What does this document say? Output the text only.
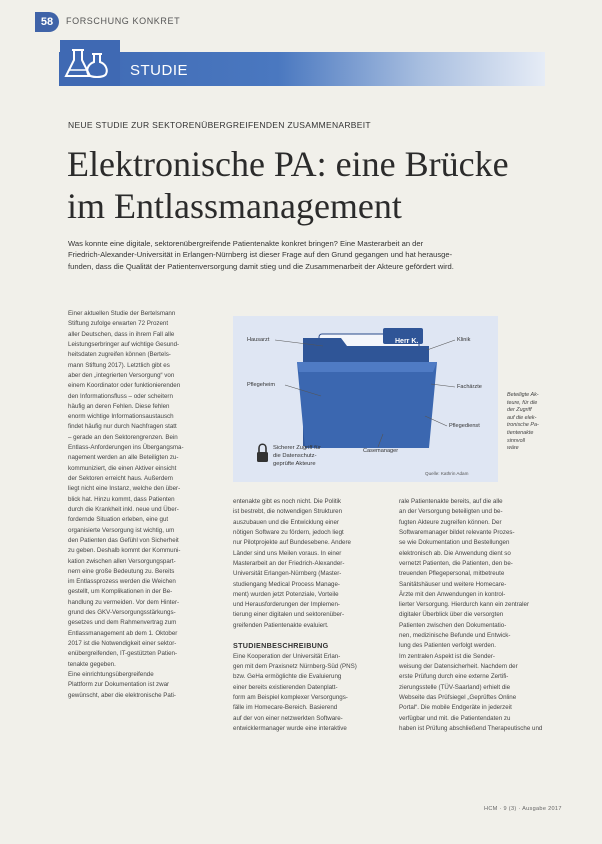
58	FORSCHUNG KONKRET
STUDIE
NEUE STUDIE ZUR SEKTORENÜBERGREIFENDEN ZUSAMMENARBEIT
Elektronische PA: eine Brücke
im Entlassmanagement
Was konnte eine digitale, sektorenübergreifende Patientenakte konkret bringen? Eine Masterarbeit an der
Friedrich-Alexander-Universität in Erlangen-Nürnberg ist dieser Frage auf den Grund gegangen und hat herausge-
funden, dass die Qualität der Patientenversorgung damit stieg und die Zusammenarbeit der Akteure gefördert wird.
Einer aktuellen Studie der Bertelsmann
Stiftung zufolge erwarten 72 Prozent
aller Deutschen, dass in ihrem Fall alle
Leistungserbringer auf wichtige Gesund-
heitsdaten zugreifen können (Bertels-
mann Stiftung 2017). Letztlich gibt es
aber den „integrierten Versorgung“ von
einem Koordinator oder funktionierenden
den Informationsfluss – oder scheitern
häufig an deren Fehlen. Diese fehlen
enorm wichtige Informationsaustausch
findet häufig nur durch Nachfragen statt
– gerade an den Sektorengrenzen. Bein
Entlass-Anforderungen ins Übergangsma-
nagement werden an alle Beteiligten zu-
kommuniziert, die einen Aktiver einsicht
der Sektoren erreicht haus. Außerdem
liegt nicht eine Instanz, welche den über-
blick hat. Hinzu kommt, dass Patienten
durch die Krankheit inkl. neue und Über-
fordernde Situation erleben, eine gut
organisierte Versorgung ist wichtig, um
den Patienten das Gefühl von Sicherheit
zu geben. Deshalb kommt der Kommuni-
kation zwischen allen Versorgungspart-
nern eine große Bedeutung zu. Bereits
im Entlassprozess werden die Weichen
gestellt, um Komplikationen in der Be-
handlung zu vermeiden. Vor dem Hinter-
grund des GKV-Versorgungsstärkungs-
gesetzes und dem Rahmenvertrag zum
Entlassmanagement ab dem 1. Oktober
2017 ist die Notwendigkeit einer sektor-
enübergreifenden, IT-gestützten Patien-
tenakte gegeben.
Eine einrichtungsübergreifende
Plattform zur Dokumentation ist zwar
gewünscht, aber die elektronische Pati-
entenakte gibt es noch nicht. Die Politik
ist bestrebt, die notwendigen Strukturen
auszubauen und die Entwicklung einer
nötigen Software zu fördern, jedoch liegt
nur Pilotprojekte auf Bundesebene. Andere
Länder sind uns Meilen voraus. In einer
Masterarbeit an der Friedrich-Alexander-
Universität Erlangen-Nürnberg (Master-
studiengang Medical Process Manage-
ment) wurden jetzt Potenziale, Vorteile
und Herausforderungen der Implemen-
tierung einer digitalen und sektorenüber-
greifenden Patientenakte evaluiert.

STUDIENBESCHREIBUNG
Eine Kooperation der Universität Erlan-
gen mit dem Praxisnetz Nürnberg-Süd (PNS)
bzw. GeHa ermöglichte die Evaluierung
einer bereits existierenden Datenplatt-
form am Beispiel komplexer Versorgungs-
fälle im Homecare-Bereich. Basierend
auf der von einer netzwerkten Software-
entwicklermanager wurde eine interaktive
rale Patientenakte bereits, auf die alle
an der Versorgung beteiligten und be-
fugten Akteure zugreifen können. Der
Softwaremanager bildet relevante Prozes-
se wie Dokumentation und Bestellungen
elektronisch ab. Die Anwendung dient so
vernetzt Patienten, die Patienten, den be-
treuenden Pflegepersonal, mitbetreute
Sanitätshäuser und weitere Homecare-
Ärzte mit den Anwendungen in kontrol-
lierter Versorgung. Hierdurch kann ein zentraler
digitaler Überblick über die versorgten
Patienten zwischen den Dokumentatio-
nen, medizinische Befunde und Entwick-
lung des Patienten verfolgt werden.
Im zentralen Aspekt ist die Sender-
weisung der Datensicherheit. Nachdem der
erste Prüfung durch eine externe Zertifi-
zierungsstelle (TÜV-Saarland) erhielt die
Webseite das Prüfsiegel „Geprüftes Online
Portal“. Die mobile Endgeräte in jederzeit
verfügbar und mit. die Patientendaten zu
haben ist Prüfung abschließend Therapeutische und
Herr K.
Hausarzt
Pflegeheim
Klinik
Fachärzte
Pflegedienst
Casemanager
Sicherer Zugriff für
die Datenschutz-
geprüfte Akteure
Quelle: Kathrin Adam
Beteiligte Ak-
teure, für die
der Zugriff
auf die elek-
tronische Pa-
tientenakte
sinnvoll
wäre
HCM · 9 (3) · Ausgabe 2017
